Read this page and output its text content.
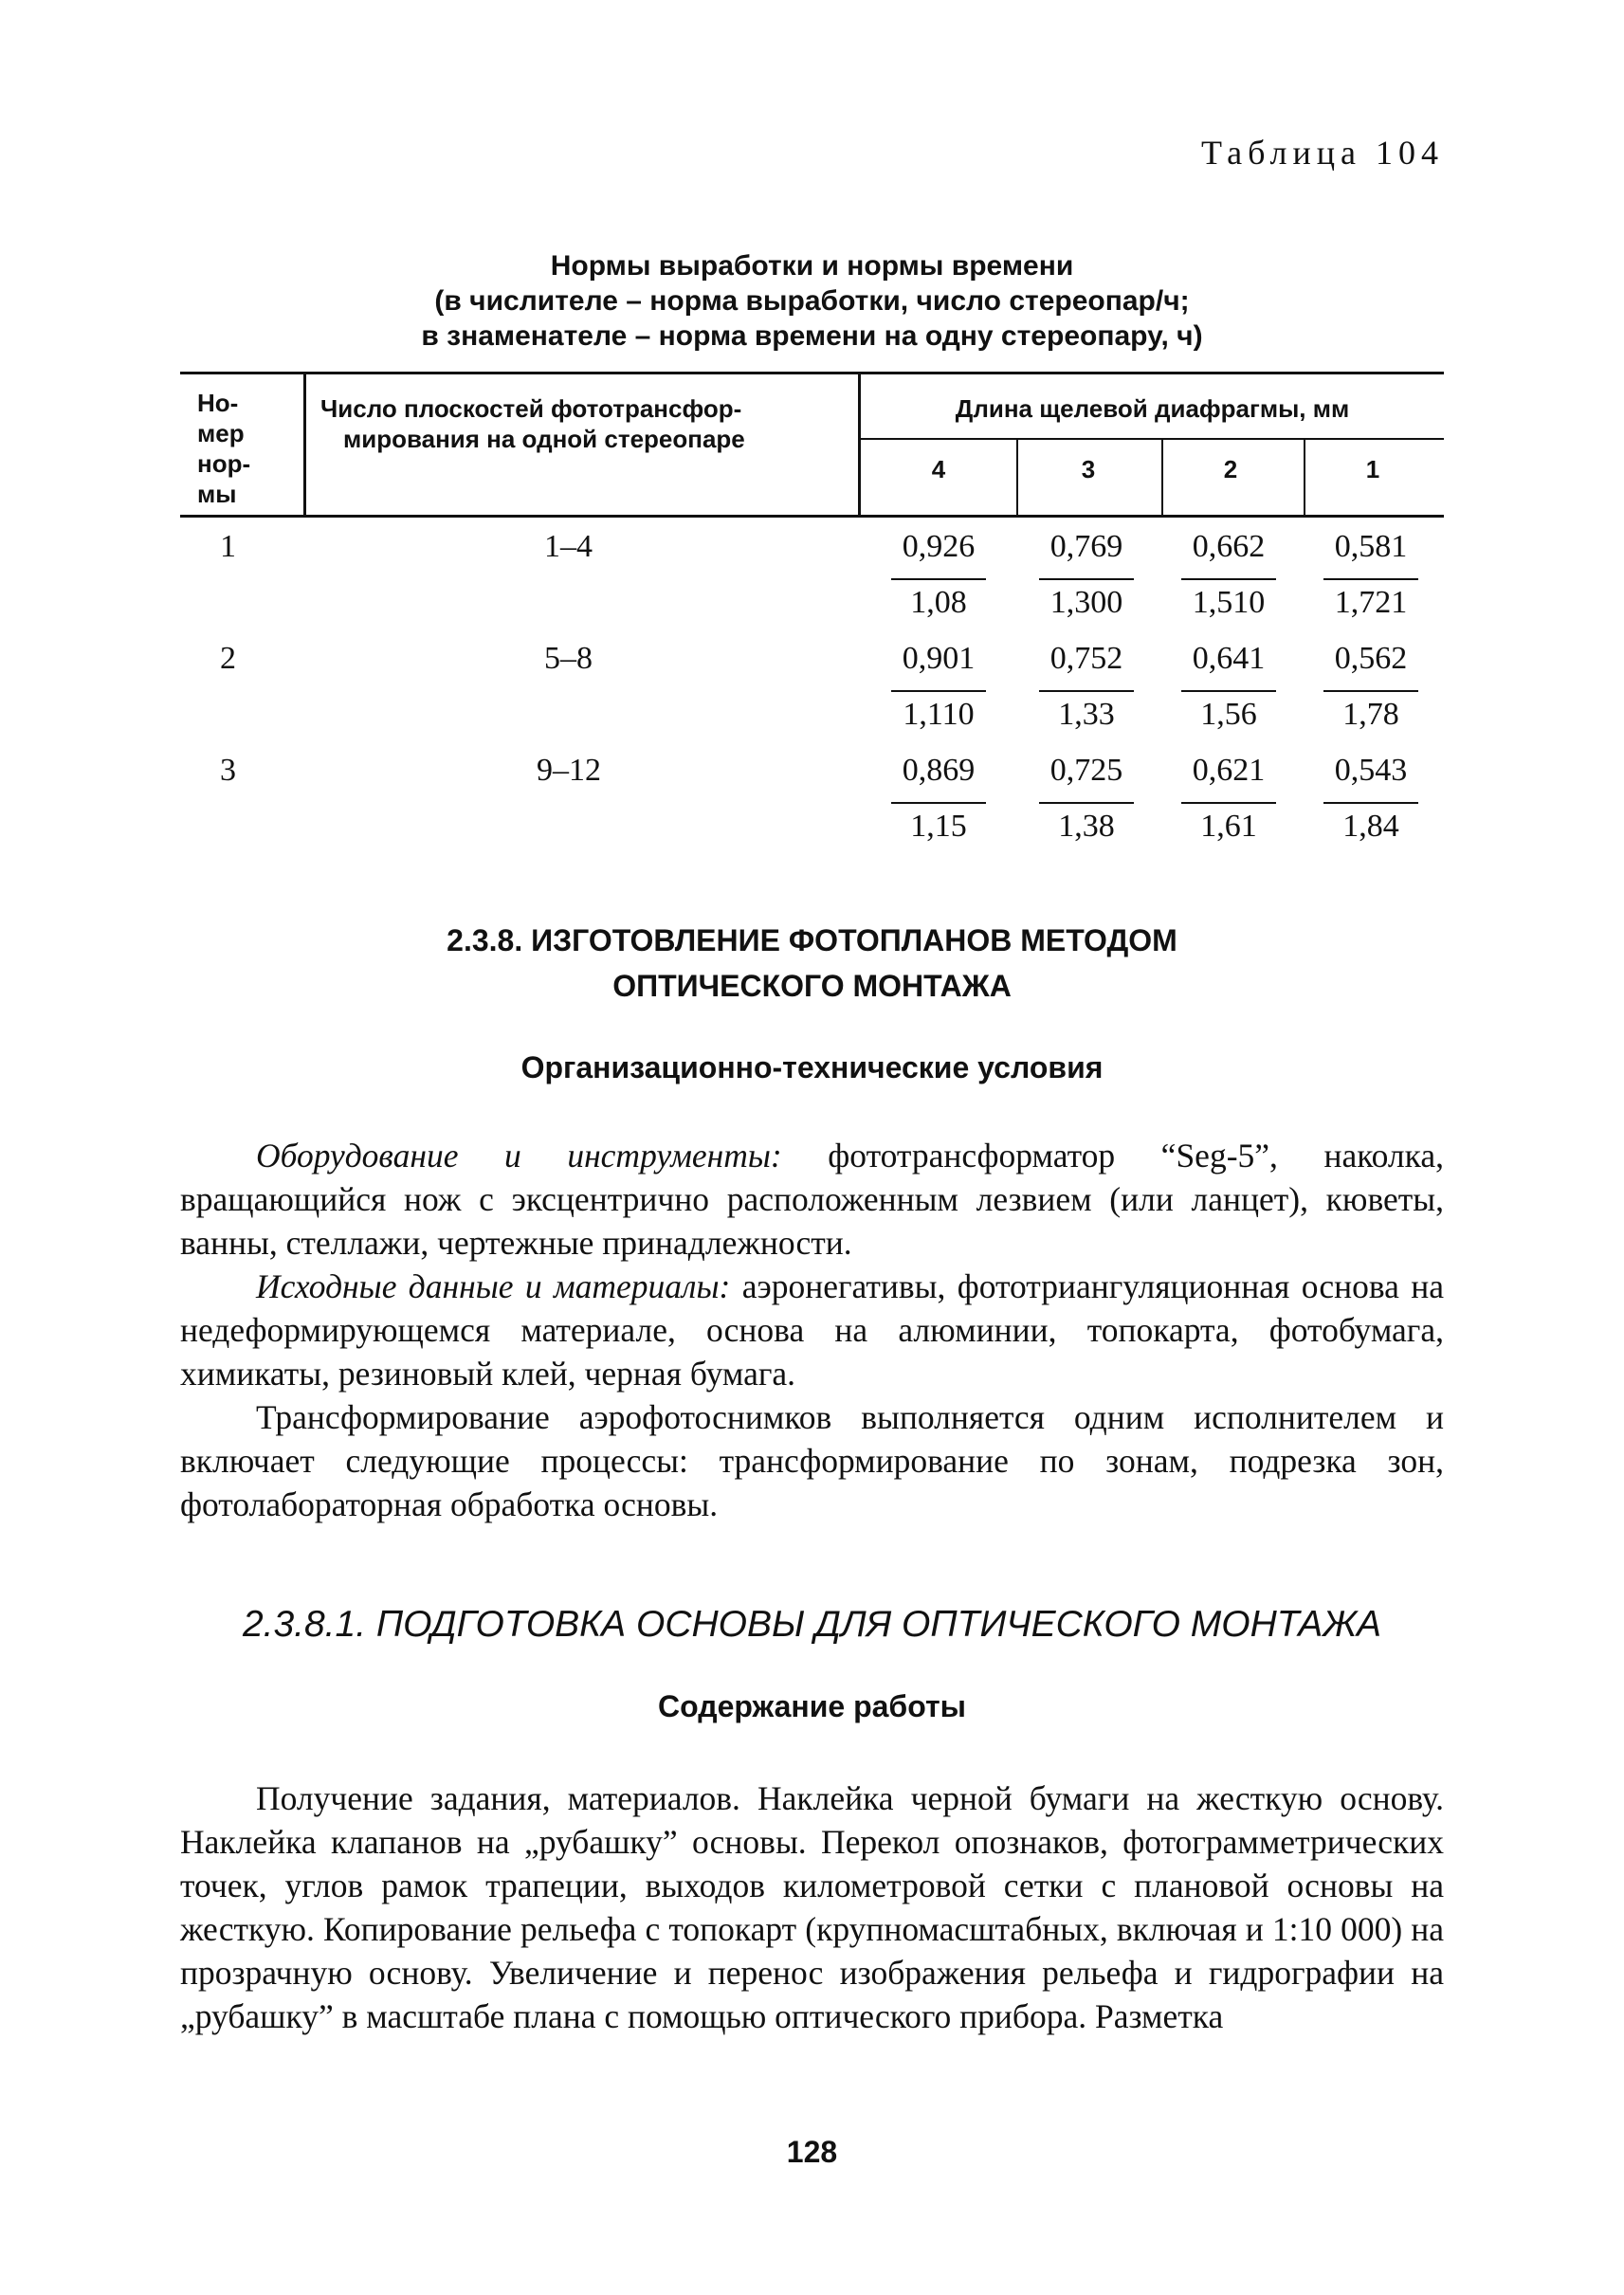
Таблица 104
Нормы выработки и нормы времени
(в числителе – норма выработки, число стереопар/ч;
в знаменателе – норма времени на одну стереопару, ч)
Но-
мер
нор-
мы
Число плоскостей фототрансфор-
мирования на одной стереопаре
Длина щелевой диафрагмы, мм
4	3	2	1
1	1–4	0,926	0,769	0,662	0,581
1,08	1,300	1,510	1,721
2	5–8	0,901	0,752	0,641	0,562
1,110	1,33	1,56	1,78
3	9–12	0,869	0,725	0,621	0,543
1,15	1,38	1,61	1,84
2.3.8. ИЗГОТОВЛЕНИЕ ФОТОПЛАНОВ МЕТОДОМ
ОПТИЧЕСКОГО МОНТАЖА
Организационно-технические условия
Оборудование и инструменты: фототрансформатор “Seg-5”, наколка, вращающийся нож с эксцентрично расположенным лезвием (или ланцет), кюветы, ванны, стеллажи, чертежные принадлежности.
Исходные данные и материалы: аэронегативы, фототриангуляционная основа на недеформирующемся материале, основа на алюминии, топокарта, фотобумага, химикаты, резиновый клей, черная бумага.
Трансформирование аэрофотоснимков выполняется одним исполнителем и включает следующие процессы: трансформирование по зонам, подрезка зон, фотолабораторная обработка основы.
2.3.8.1. ПОДГОТОВКА ОСНОВЫ ДЛЯ ОПТИЧЕСКОГО МОНТАЖА
Содержание работы
Получение задания, материалов. Наклейка черной бумаги на жесткую основу. Наклейка клапанов на „рубашку” основы. Перекол опознаков, фотограмметрических точек, углов рамок трапеции, выходов километровой сетки с плановой основы на жесткую. Копирование рельефа с топокарт (крупномасштабных, включая и 1:10 000) на прозрачную основу. Увеличение и перенос изображения рельефа и гидрографии на „рубашку” в масштабе плана с помощью оптического прибора. Разметка
128
